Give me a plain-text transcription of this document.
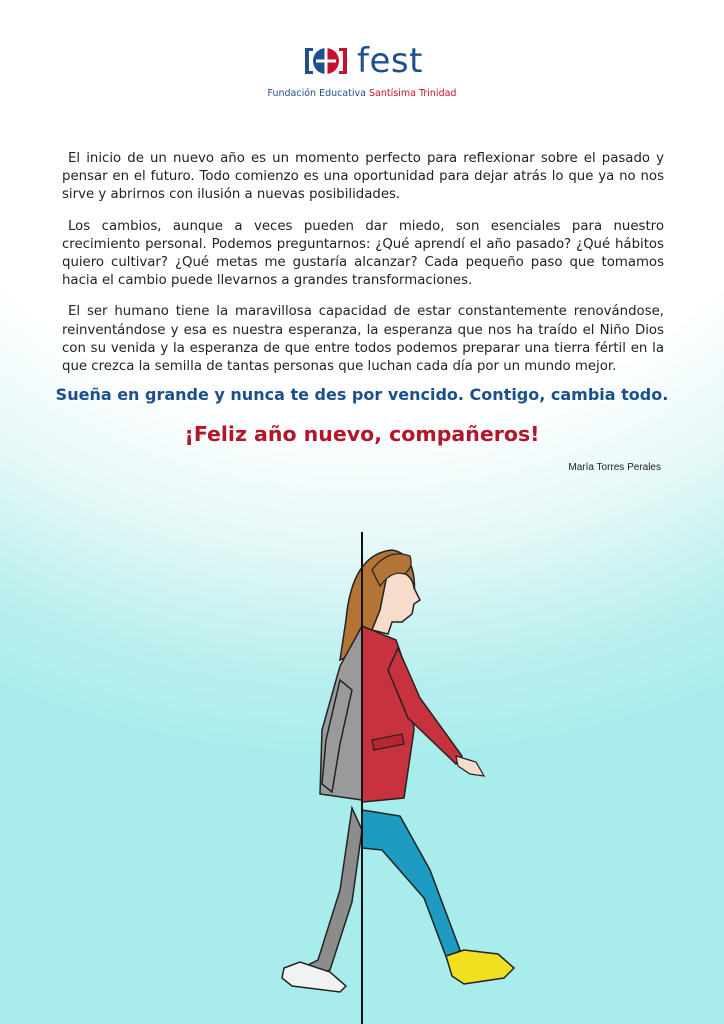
fest
Fundación Educativa Santísima Trinidad

El inicio de un nuevo año es un momento perfecto para reflexionar sobre el pasado y pensar en el futuro. Todo comienzo es una oportunidad para dejar atrás lo que ya no nos sirve y abrirnos con ilusión a nuevas posibilidades.

Los cambios, aunque a veces pueden dar miedo, son esenciales para nuestro crecimiento personal. Podemos preguntarnos: ¿Qué aprendí el año pasado? ¿Qué hábitos quiero cultivar? ¿Qué metas me gustaría alcanzar? Cada pequeño paso que tomamos hacia el cambio puede llevarnos a grandes transformaciones.

El ser humano tiene la maravillosa capacidad de estar constantemente renovándose, reinventándose y esa es nuestra esperanza, la esperanza que nos ha traído el Niño Dios con su venida y la esperanza de que entre todos podemos preparar una tierra fértil en la que crezca la semilla de tantas personas que luchan cada día por un mundo mejor.

Sueña en grande y nunca te des por vencido. Contigo, cambia todo.
¡Feliz año nuevo, compañeros!
María Torres Perales
